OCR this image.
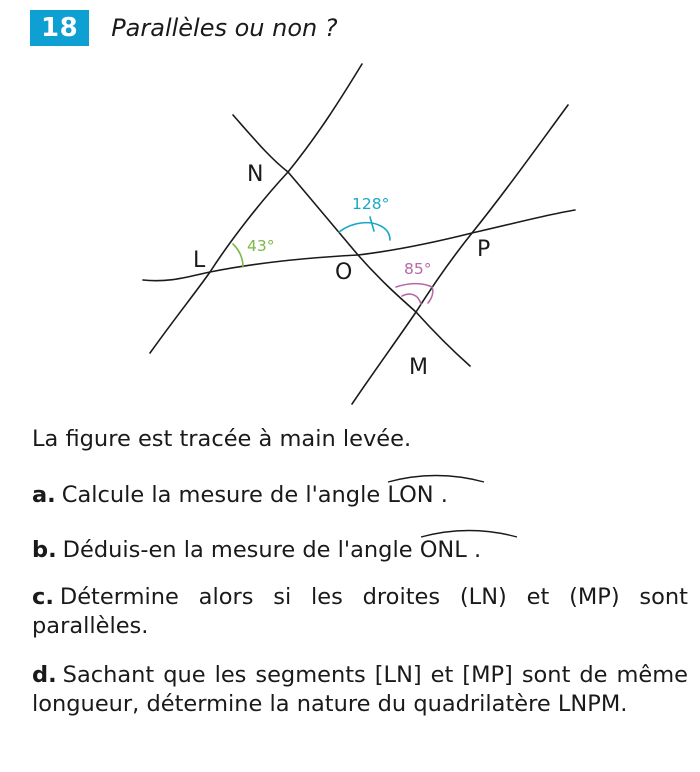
18	Parallèles ou non ?
N
L	O
P
M
43°
128°
85°
La figure est tracée à main levée.
a. Calcule la mesure de l'angle LON .
b. Déduis-en la mesure de l'angle ONL .
c. Détermine alors si les droites (LN) et (MP) sont parallèles.
d. Sachant que les segments [LN] et [MP] sont de même longueur, détermine la nature du quadrilatère LNPM.
